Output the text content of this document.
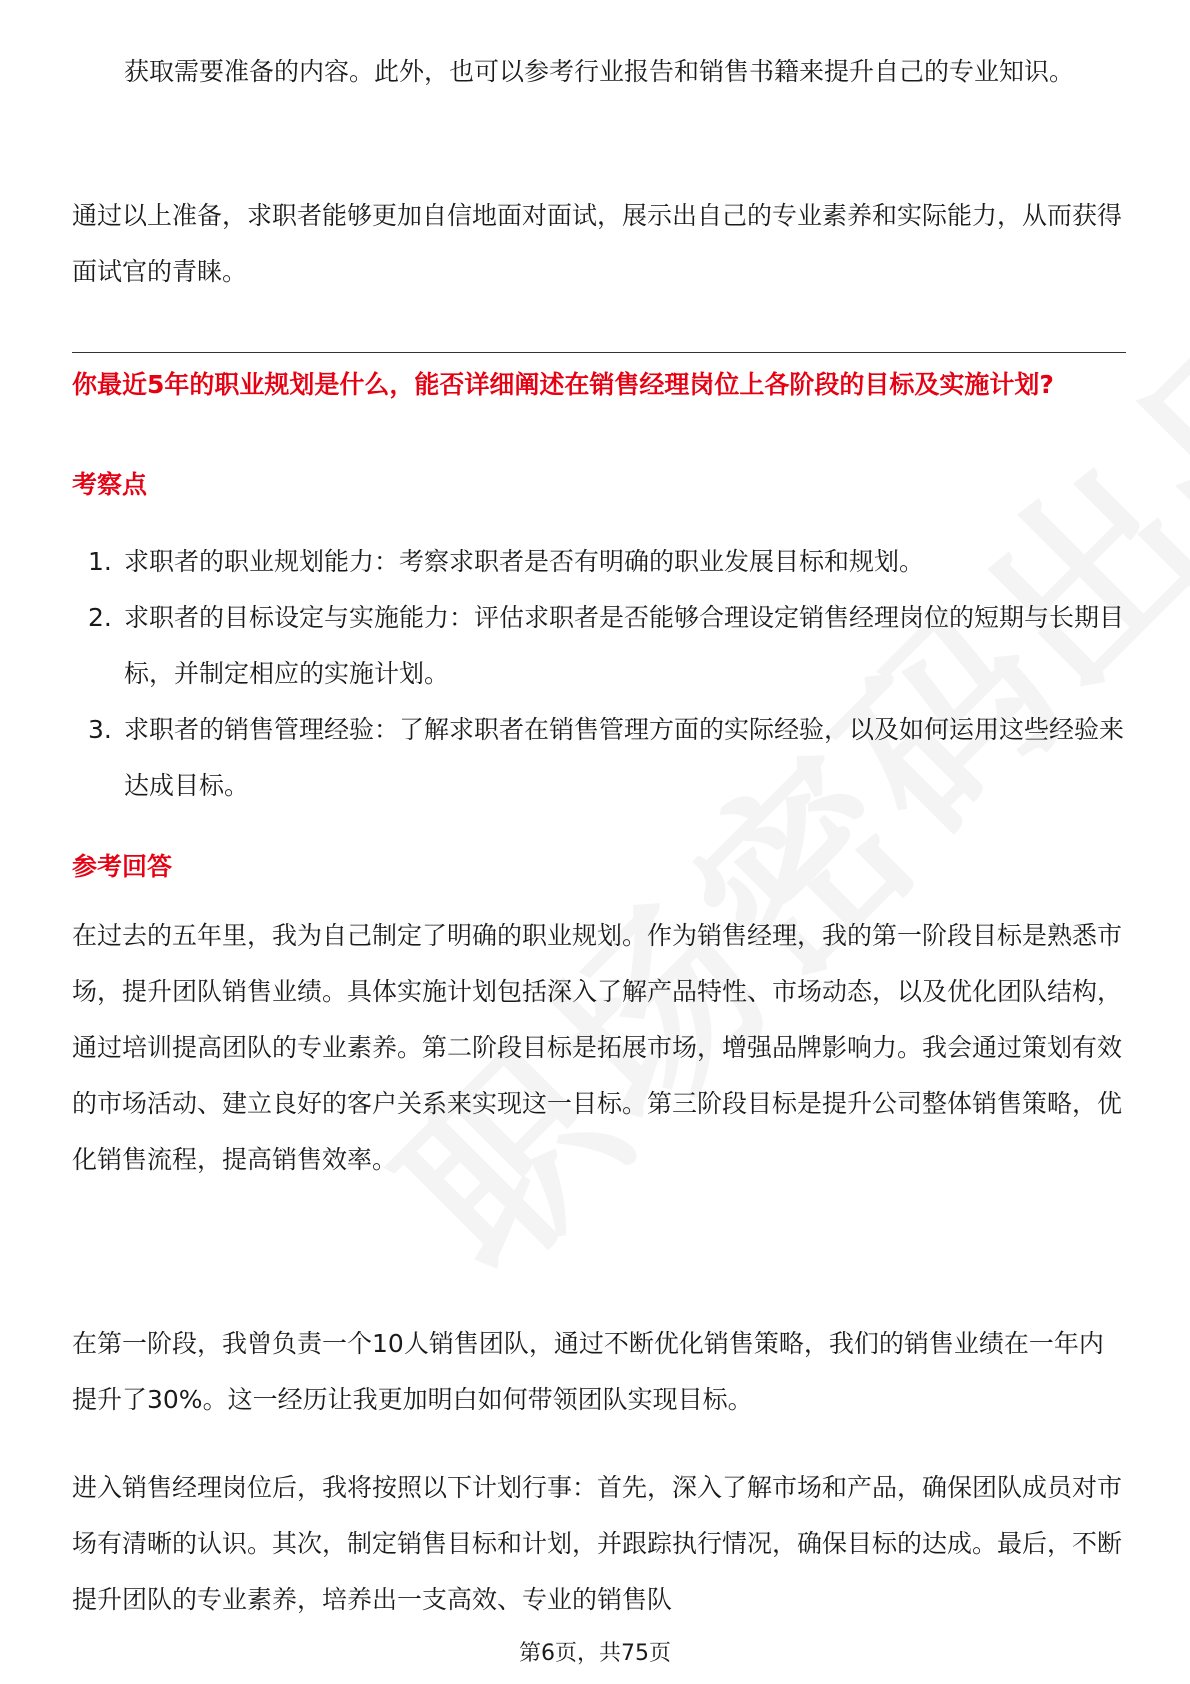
获取需要准备的内容。此外，也可以参考行业报告和销售书籍来提升自己的专业知识。

通过以上准备，求职者能够更加自信地面对面试，展示出自己的专业素养和实际能力，从而获得面试官的青睐。

你最近5年的职业规划是什么，能否详细阐述在销售经理岗位上各阶段的目标及实施计划?
考察点
1. 求职者的职业规划能力：考察求职者是否有明确的职业发展目标和规划。
2. 求职者的目标设定与实施能力：评估求职者是否能够合理设定销售经理岗位的短期与长期目标，并制定相应的实施计划。
3. 求职者的销售管理经验：了解求职者在销售管理方面的实际经验，以及如何运用这些经验来达成目标。
参考回答

在过去的五年里，我为自己制定了明确的职业规划。作为销售经理，我的第一阶段目标是熟悉市场，提升团队销售业绩。具体实施计划包括深入了解产品特性、市场动态，以及优化团队结构，通过培训提高团队的专业素养。第二阶段目标是拓展市场，增强品牌影响力。我会通过策划有效的市场活动、建立良好的客户关系来实现这一目标。第三阶段目标是提升公司整体销售策略，优化销售流程，提高销售效率。

在第一阶段，我曾负责一个10人销售团队，通过不断优化销售策略，我们的销售业绩在一年内提升了30%。这一经历让我更加明白如何带领团队实现目标。

进入销售经理岗位后，我将按照以下计划行事：首先，深入了解市场和产品，确保团队成员对市场有清晰的认识。其次，制定销售目标和计划，并跟踪执行情况，确保目标的达成。最后，不断提升团队的专业素养，培养出一支高效、专业的销售队

第6页，共75页
